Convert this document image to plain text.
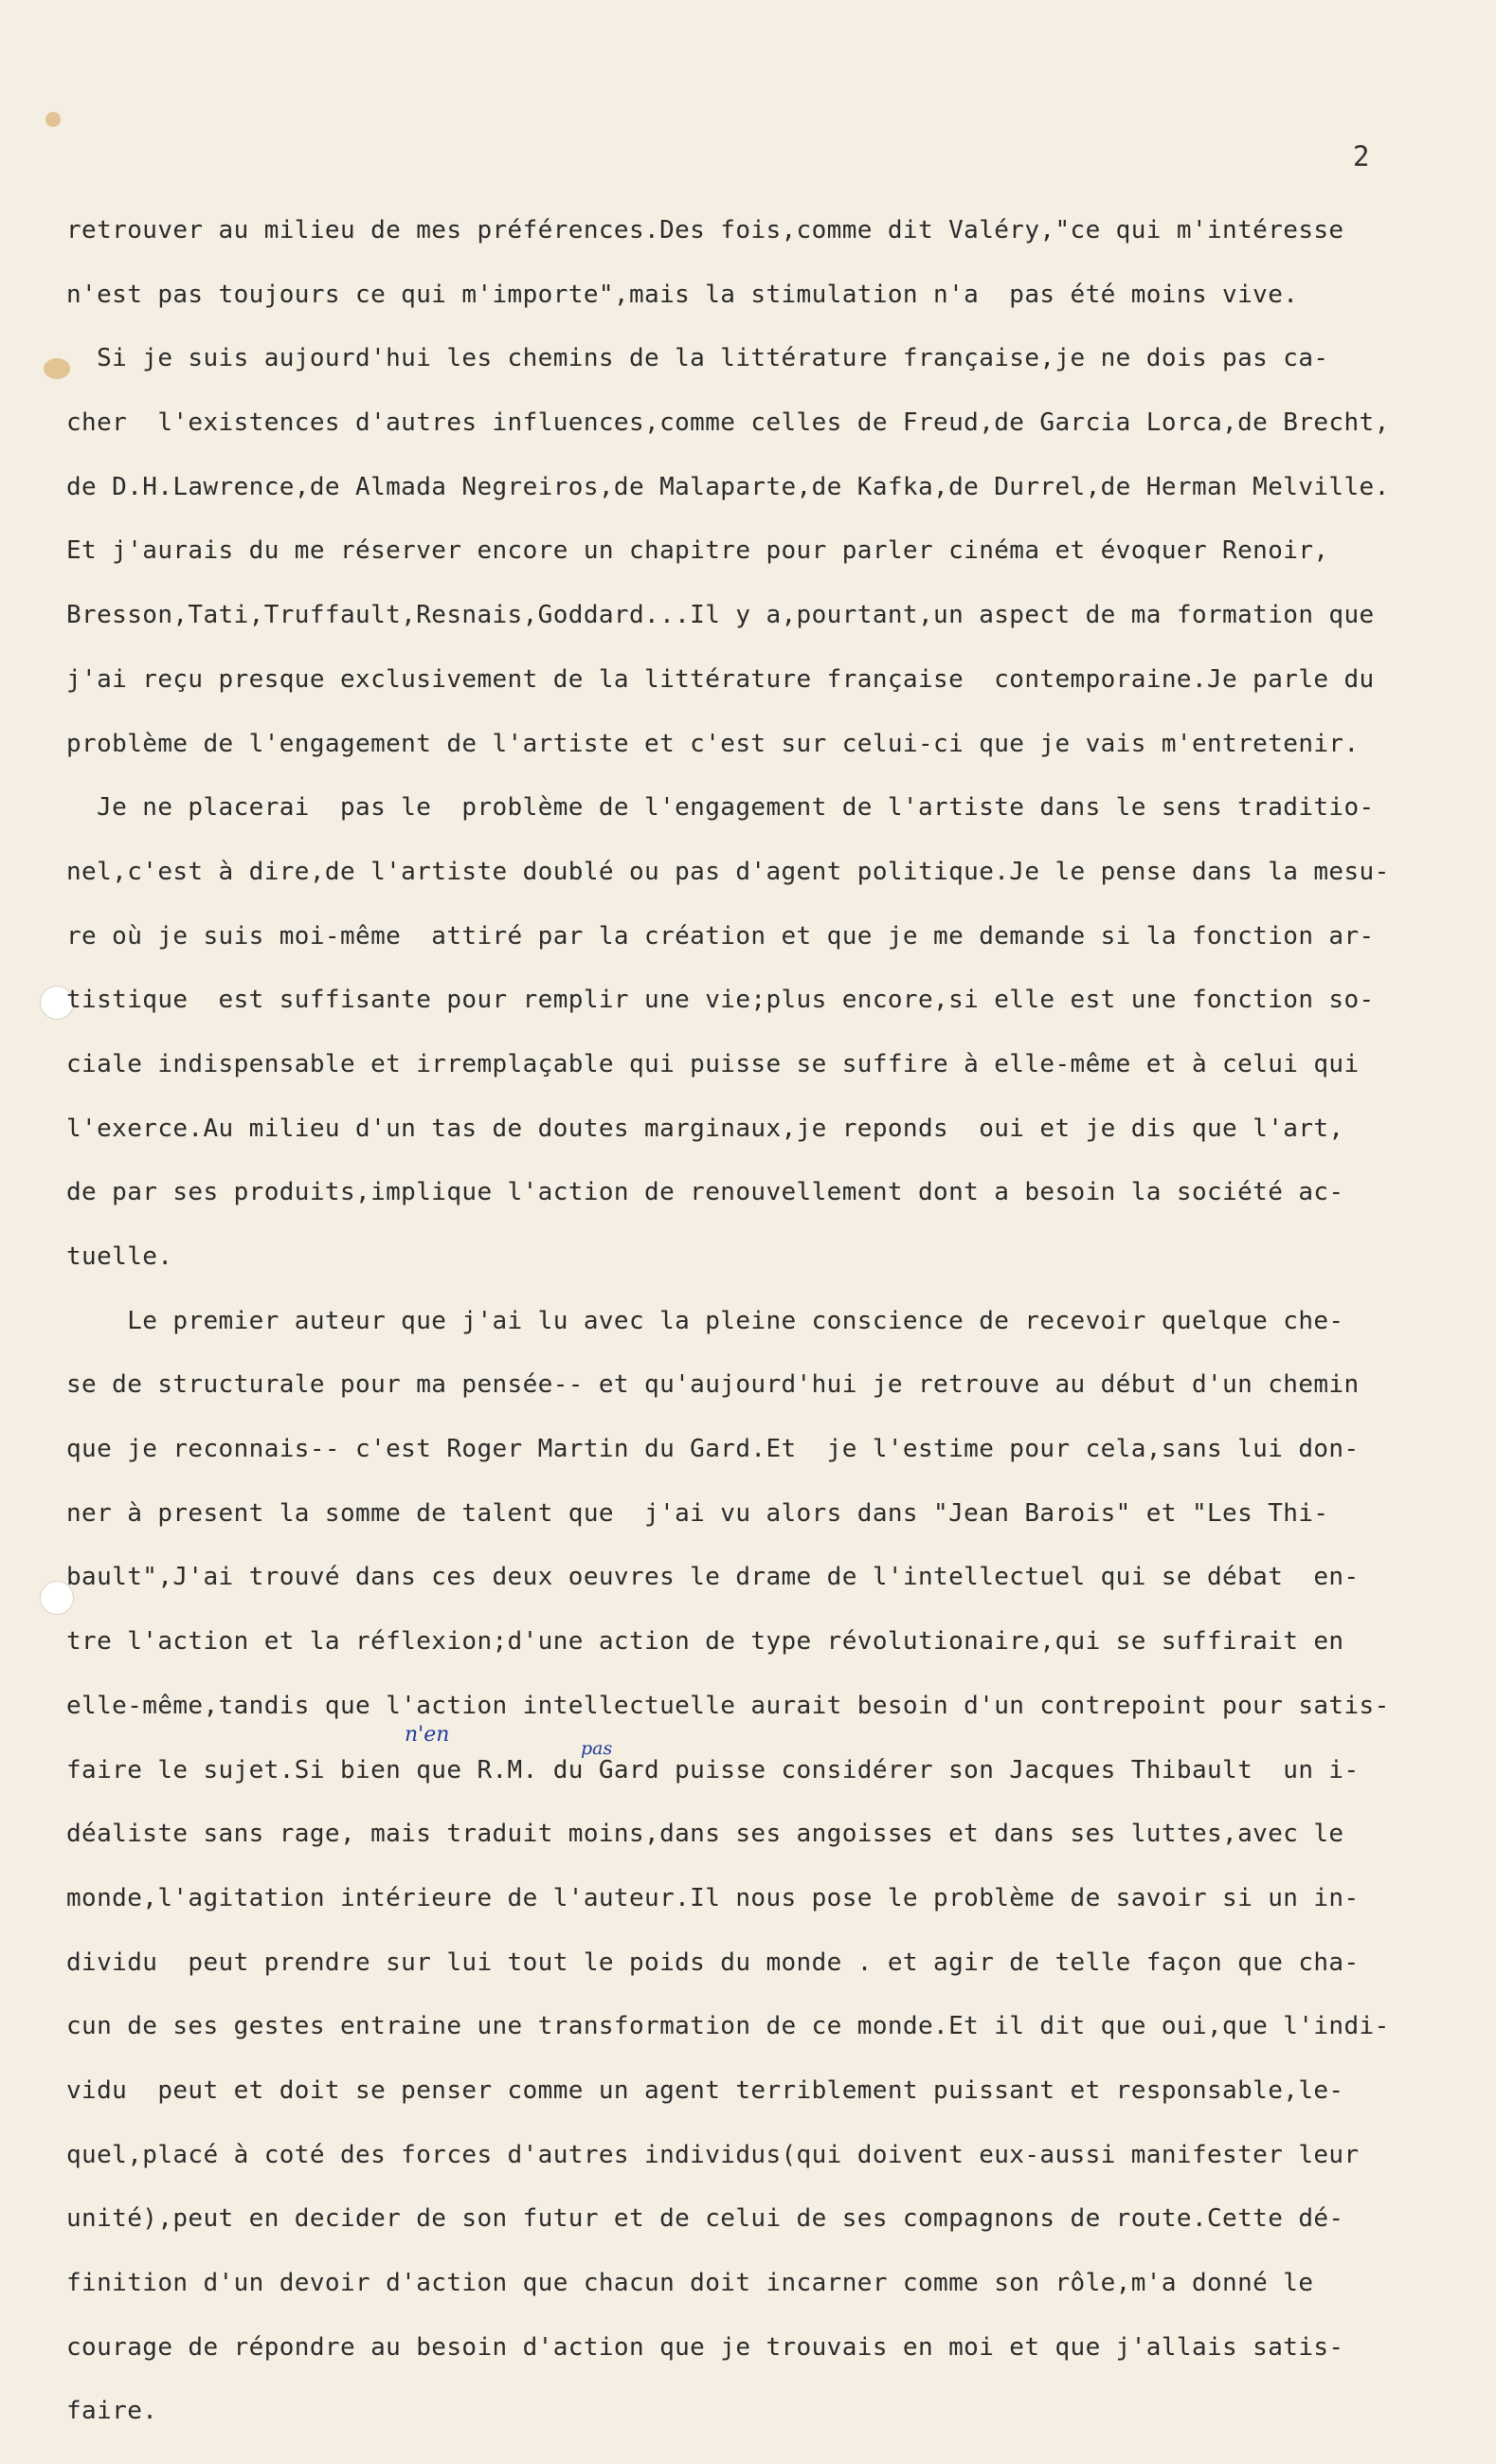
2
retrouver au milieu de mes préférences.Des fois,comme dit Valéry,"ce qui m'intéresse
n'est pas toujours ce qui m'importe",mais la stimulation n'a  pas été moins vive.
Si je suis aujourd'hui les chemins de la littérature française,je ne dois pas ca-
cher  l'existences d'autres influences,comme celles de Freud,de Garcia Lorca,de Brecht,
de D.H.Lawrence,de Almada Negreiros,de Malaparte,de Kafka,de Durrel,de Herman Melville.
Et j'aurais du me réserver encore un chapitre pour parler cinéma et évoquer Renoir,
Bresson,Tati,Truffault,Resnais,Goddard...Il y a,pourtant,un aspect de ma formation que
j'ai reçu presque exclusivement de la littérature française  contemporaine.Je parle du
problème de l'engagement de l'artiste et c'est sur celui-ci que je vais m'entretenir.
Je ne placerai  pas le  problème de l'engagement de l'artiste dans le sens traditio-
nel,c'est à dire,de l'artiste doublé ou pas d'agent politique.Je le pense dans la mesu-
re où je suis moi-même  attiré par la création et que je me demande si la fonction ar-
tistique  est suffisante pour remplir une vie;plus encore,si elle est une fonction so-
ciale indispensable et irremplaçable qui puisse se suffire à elle-même et à celui qui
l'exerce.Au milieu d'un tas de doutes marginaux,je reponds  oui et je dis que l'art,
de par ses produits,implique l'action de renouvellement dont a besoin la société ac-
tuelle.
Le premier auteur que j'ai lu avec la pleine conscience de recevoir quelque che-
se de structurale pour ma pensée-- et qu'aujourd'hui je retrouve au début d'un chemin
que je reconnais-- c'est Roger Martin du Gard.Et  je l'estime pour cela,sans lui don-
ner à present la somme de talent que  j'ai vu alors dans "Jean Barois" et "Les Thi-
bault",J'ai trouvé dans ces deux oeuvres le drame de l'intellectuel qui se débat  en-
tre l'action et la réflexion;d'une action de type révolutionaire,qui se suffirait en
elle-même,tandis que l'action intellectuelle aurait besoin d'un contrepoint pour satis-
faire le sujet.Si bien que R.M. du Gard puisse considérer son Jacques Thibault  un i-
déaliste sans rage, mais traduit moins,dans ses angoisses et dans ses luttes,avec le
monde,l'agitation intérieure de l'auteur.Il nous pose le problème de savoir si un in-
dividu  peut prendre sur lui tout le poids du monde . et agir de telle façon que cha-
cun de ses gestes entraine une transformation de ce monde.Et il dit que oui,que l'indi-
vidu  peut et doit se penser comme un agent terriblement puissant et responsable,le-
quel,placé à coté des forces d'autres individus(qui doivent eux-aussi manifester leur
unité),peut en decider de son futur et de celui de ses compagnons de route.Cette dé-
finition d'un devoir d'action que chacun doit incarner comme son rôle,m'a donné le
courage de répondre au besoin d'action que je trouvais en moi et que j'allais satis-
faire.
n'en
pas
